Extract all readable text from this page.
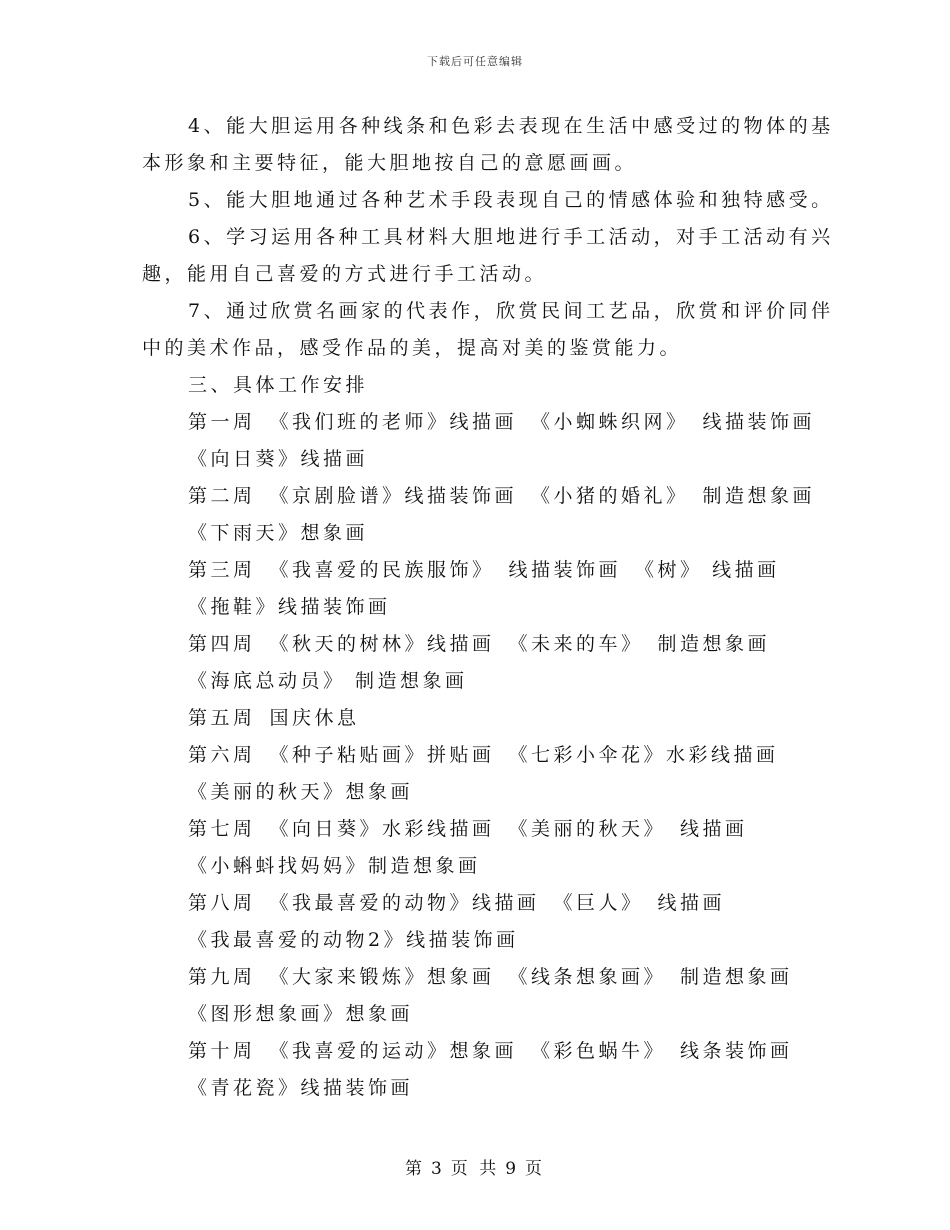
下载后可任意编辑
4、能大胆运用各种线条和色彩去表现在生活中感受过的物体的基
本形象和主要特征，能大胆地按自己的意愿画画。
5、能大胆地通过各种艺术手段表现自己的情感体验和独特感受。
6、学习运用各种工具材料大胆地进行手工活动，对手工活动有兴
趣，能用自己喜爱的方式进行手工活动。
7、通过欣赏名画家的代表作，欣赏民间工艺品，欣赏和评价同伴
中的美术作品，感受作品的美，提高对美的鉴赏能力。
三、具体工作安排
第一周 《我们班的老师》线描画 《小蜘蛛织网》 线描装饰画
《向日葵》线描画
第二周 《京剧脸谱》线描装饰画 《小猪的婚礼》 制造想象画
《下雨天》想象画
第三周 《我喜爱的民族服饰》 线描装饰画 《树》 线描画
《拖鞋》线描装饰画
第四周 《秋天的树林》线描画 《未来的车》 制造想象画
《海底总动员》 制造想象画
第五周 国庆休息
第六周 《种子粘贴画》拼贴画 《七彩小伞花》水彩线描画
《美丽的秋天》想象画
第七周 《向日葵》水彩线描画 《美丽的秋天》 线描画
《小蝌蚪找妈妈》制造想象画
第八周 《我最喜爱的动物》线描画 《巨人》 线描画
《我最喜爱的动物2》线描装饰画
第九周 《大家来锻炼》想象画 《线条想象画》 制造想象画
《图形想象画》想象画
第十周 《我喜爱的运动》想象画 《彩色蜗牛》 线条装饰画
《青花瓷》线描装饰画
第 3 页 共 9 页
